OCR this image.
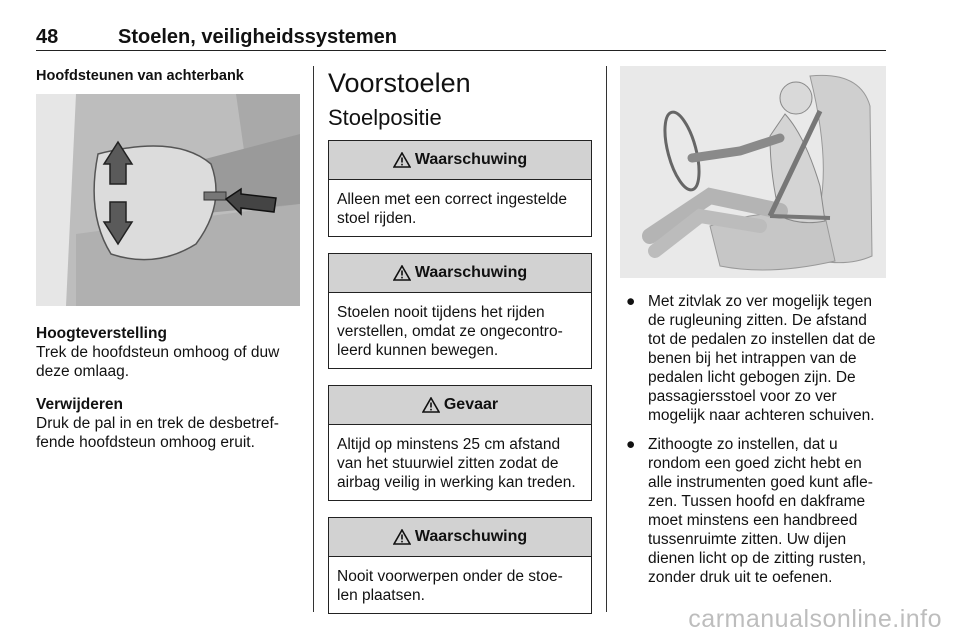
48	Stoelen, veiligheidssystemen
Hoofdsteunen van achterbank
Hoogteverstelling
Trek de hoofdsteun omhoog of duw deze omlaag.
Verwijderen
Druk de pal in en trek de desbetref-fende hoofdsteun omhoog eruit.
Voorstoelen
Stoelpositie
Waarschuwing
Alleen met een correct ingestelde stoel rijden.
Waarschuwing
Stoelen nooit tijdens het rijden verstellen, omdat ze ongecontro-leerd kunnen bewegen.
Gevaar
Altijd op minstens 25 cm afstand van het stuurwiel zitten zodat de airbag veilig in werking kan treden.
Waarschuwing
Nooit voorwerpen onder de stoe-len plaatsen.
● Met zitvlak zo ver mogelijk tegen de rugleuning zitten. De afstand tot de pedalen zo instellen dat de benen bij het intrappen van de pedalen licht gebogen zijn. De passagiersstoel voor zo ver mogelijk naar achteren schuiven.
● Zithoogte zo instellen, dat u rondom een goed zicht hebt en alle instrumenten goed kunt afle-zen. Tussen hoofd en dakframe moet minstens een handbreed tussenruimte zitten. Uw dijen dienen licht op de zitting rusten, zonder druk uit te oefenen.
carmanualsonline.info
